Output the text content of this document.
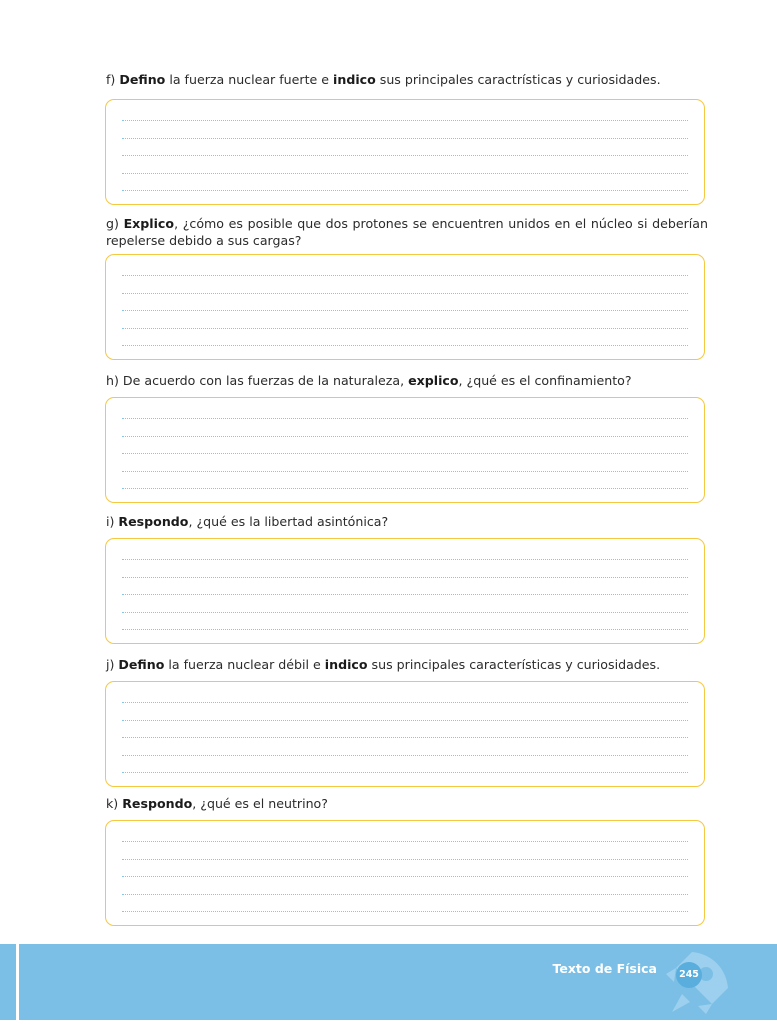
f) Defino la fuerza nuclear fuerte e indico sus principales caractrísticas y curiosidades.
g) Explico, ¿cómo es posible que dos protones se encuentren unidos en el núcleo si deberían repelerse debido a sus cargas?
h) De acuerdo con las fuerzas de la naturaleza, explico, ¿qué es el confinamiento?
i) Respondo, ¿qué es la libertad asintónica?
j) Defino la fuerza nuclear débil e indico sus principales características y curiosidades.
k) Respondo, ¿qué es el neutrino?
Texto de Física	245
